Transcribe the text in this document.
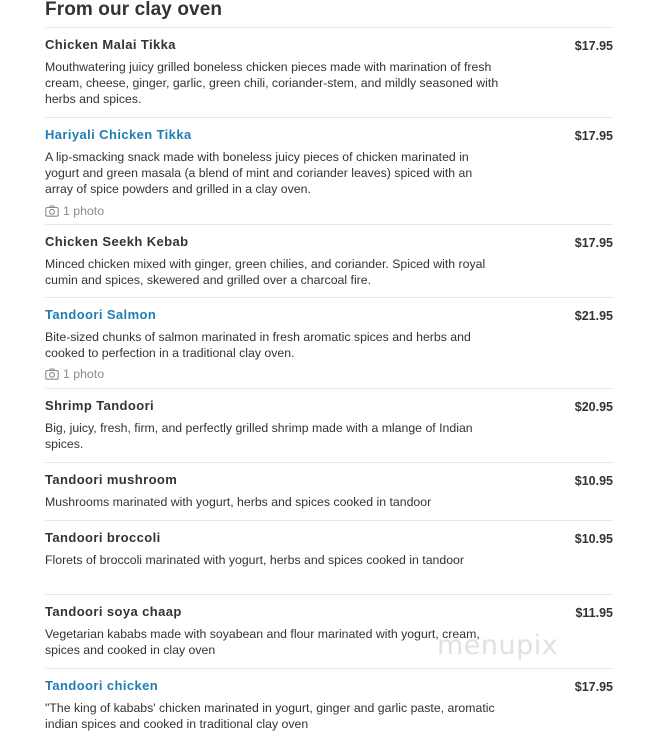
From our clay oven
Chicken Malai Tikka	$17.95
Mouthwatering juicy grilled boneless chicken pieces made with marination of fresh cream, cheese, ginger, garlic, green chili, coriander-stem, and mildly seasoned with herbs and spices.
Hariyali Chicken Tikka	$17.95
A lip-smacking snack made with boneless juicy pieces of chicken marinated in yogurt and green masala (a blend of mint and coriander leaves) spiced with an array of spice powders and grilled in a clay oven.
1 photo
Chicken Seekh Kebab	$17.95
Minced chicken mixed with ginger, green chilies, and coriander. Spiced with royal cumin and spices, skewered and grilled over a charcoal fire.
Tandoori Salmon	$21.95
Bite-sized chunks of salmon marinated in fresh aromatic spices and herbs and cooked to perfection in a traditional clay oven.
1 photo
Shrimp Tandoori	$20.95
Big, juicy, fresh, firm, and perfectly grilled shrimp made with a mlange of Indian spices.
Tandoori mushroom	$10.95
Mushrooms marinated with yogurt, herbs and spices cooked in tandoor
Tandoori broccoli	$10.95
Florets of broccoli marinated with yogurt, herbs and spices cooked in tandoor
Tandoori soya chaap	$11.95
Vegetarian kababs made with soyabean and flour marinated with yogurt, cream, spices and cooked in clay oven
Tandoori chicken	$17.95
"The king of kababs' chicken marinated in yogurt, ginger and garlic paste, aromatic indian spices and cooked in traditional clay oven
menupix
